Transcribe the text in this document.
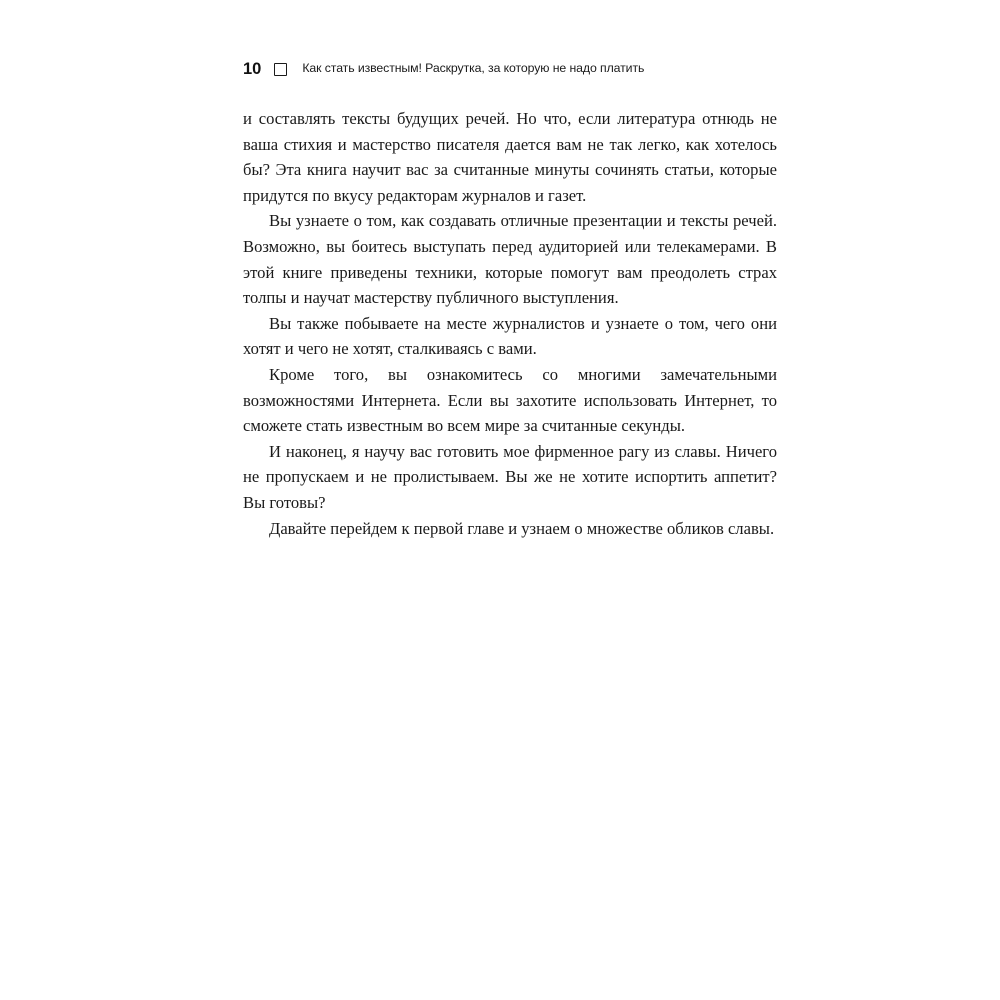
10	Как стать известным! Раскрутка, за которую не надо платить

и составлять тексты будущих речей. Но что, если литература отнюдь не ваша стихия и мастерство писателя дается вам не так легко, как хотелось бы? Эта книга научит вас за считанные минуты сочинять статьи, которые придутся по вкусу редакторам журналов и газет.

Вы узнаете о том, как создавать отличные презентации и тексты речей. Возможно, вы боитесь выступать перед аудиторией или телекамерами. В этой книге приведены техники, которые помогут вам преодолеть страх толпы и научат мастерству публичного выступления.

Вы также побываете на месте журналистов и узнаете о том, чего они хотят и чего не хотят, сталкиваясь с вами.

Кроме того, вы ознакомитесь со многими замечательными возможностями Интернета. Если вы захотите использовать Интернет, то сможете стать известным во всем мире за считанные секунды.

И наконец, я научу вас готовить мое фирменное рагу из славы. Ничего не пропускаем и не пролистываем. Вы же не хотите испортить аппетит? Вы готовы?

Давайте перейдем к первой главе и узнаем о множестве обликов славы.
